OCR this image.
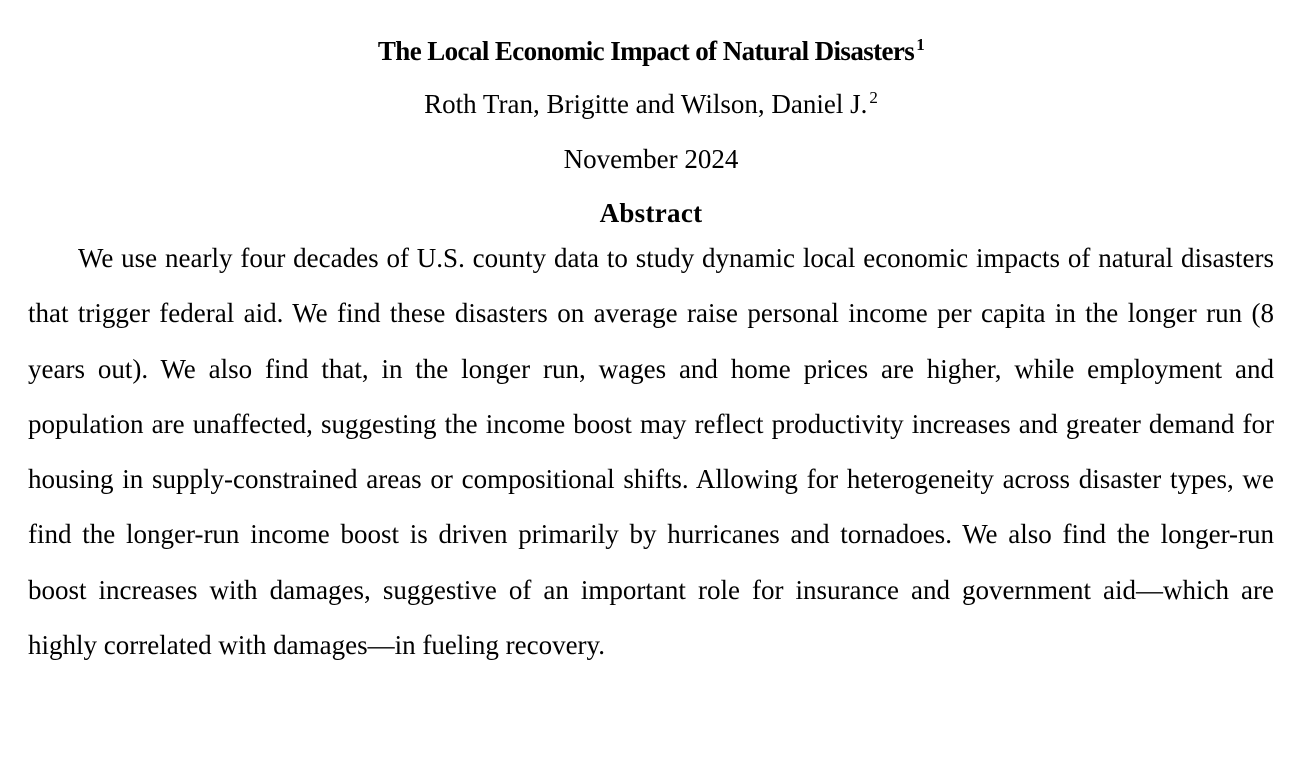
The Local Economic Impact of Natural Disasters $^1$

Roth Tran, Brigitte and Wilson, Daniel J. $^2$

November 2024

Abstract

We use nearly four decades of U.S. county data to study dynamic local economic impacts of natural disasters that trigger federal aid. We find these disasters on average raise personal income per capita in the longer run (8 years out). We also find that, in the longer run, wages and home prices are higher, while employment and population are unaffected, suggesting the income boost may reflect productivity increases and greater demand for housing in supply-constrained areas or compositional shifts. Allowing for heterogeneity across disaster types, we find the longer-run income boost is driven primarily by hurricanes and tornadoes. We also find the longer-run boost increases with damages, suggestive of an important role for insurance and government aid—which are highly correlated with damages—in fueling recovery.
